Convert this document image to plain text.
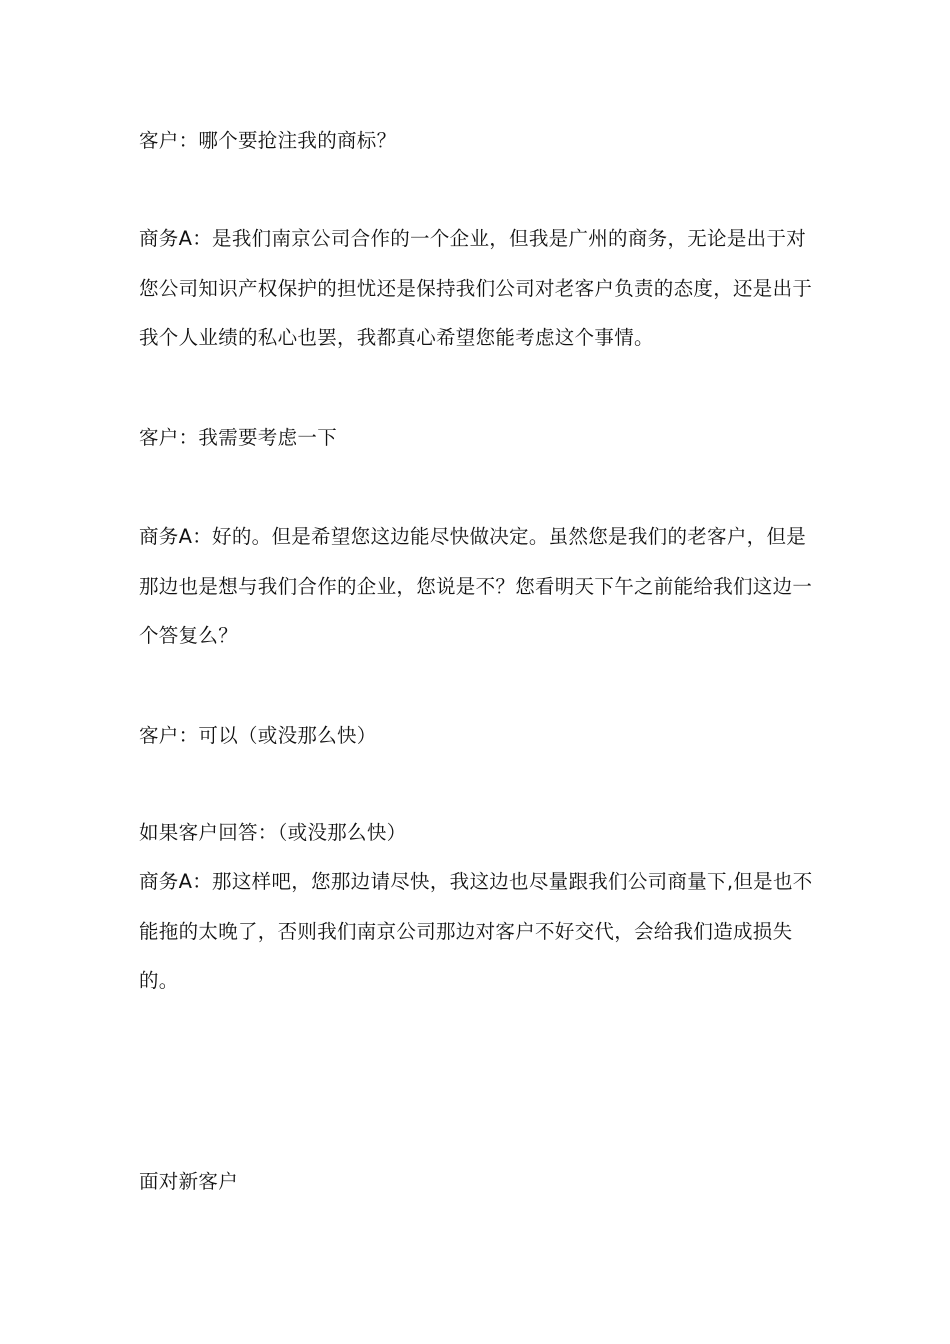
客户：哪个要抢注我的商标？

商务A：是我们南京公司合作的一个企业，但我是广州的商务，无论是出于对您公司知识产权保护的担忧还是保持我们公司对老客户负责的态度，还是出于我个人业绩的私心也罢，我都真心希望您能考虑这个事情。

客户：我需要考虑一下

商务A：好的。但是希望您这边能尽快做决定。虽然您是我们的老客户，但是那边也是想与我们合作的企业，您说是不？您看明天下午之前能给我们这边一个答复么？

客户：可以（或没那么快）

如果客户回答：（或没那么快）

商务A：那这样吧，您那边请尽快，我这边也尽量跟我们公司商量下,但是也不能拖的太晚了，否则我们南京公司那边对客户不好交代，会给我们造成损失的。

面对新客户
